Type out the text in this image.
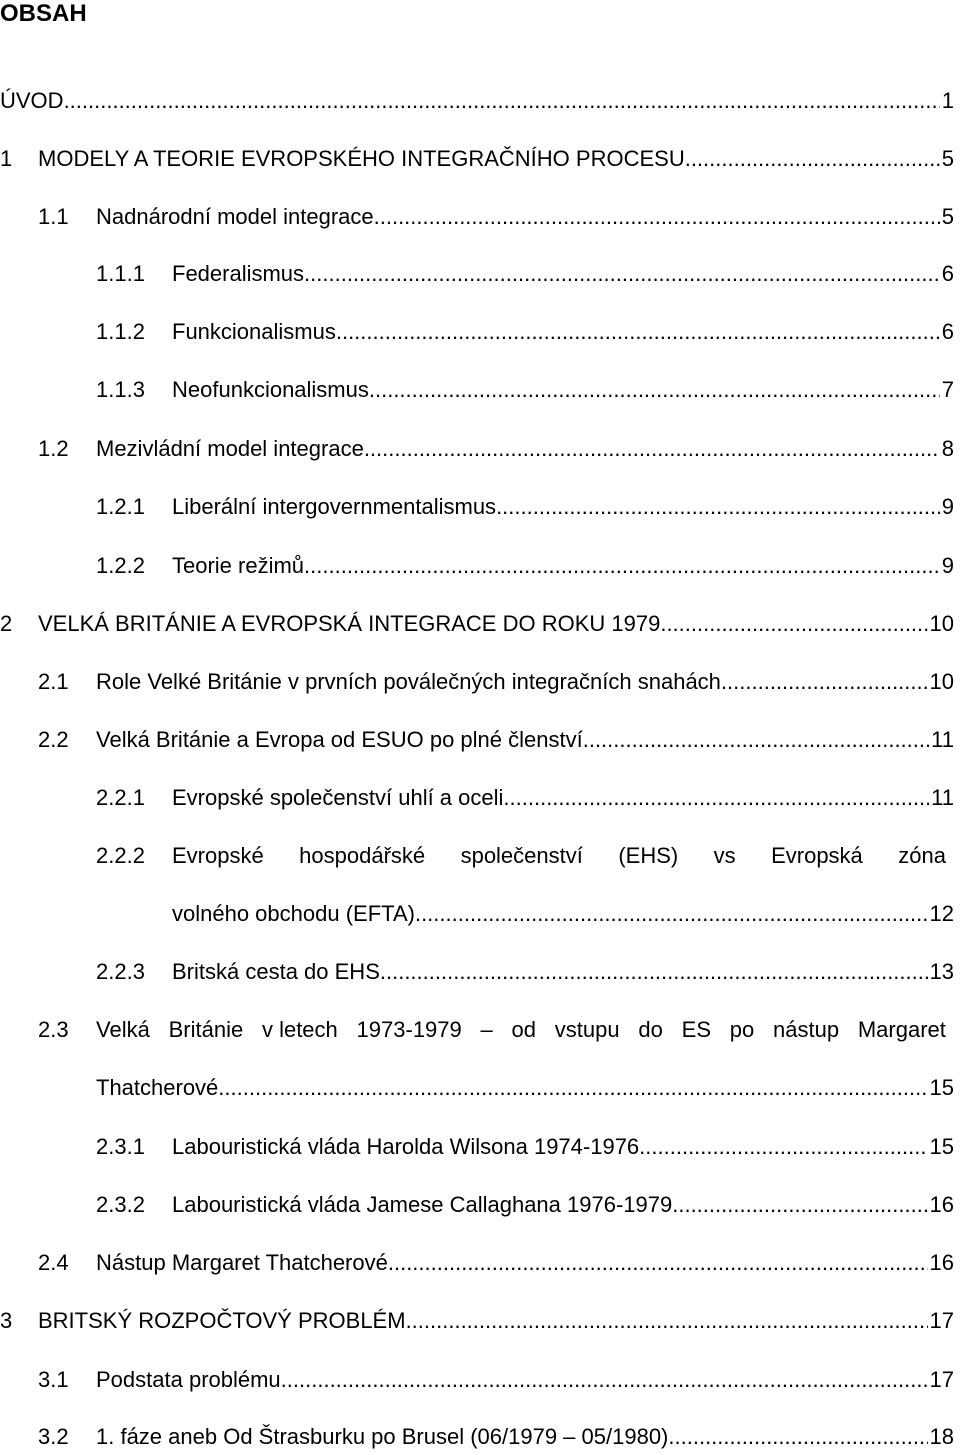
OBSAH
ÚVOD .....	1
1 MODELY A TEORIE EVROPSKÉHO INTEGRAČNÍHO PROCESU .....	5
1.1 Nadnárodní model integrace .....	5
1.1.1 Federalismus .....	6
1.1.2 Funkcionalismus .....	6
1.1.3 Neofunkcionalismus .....	7
1.2 Mezivládní model integrace .....	8
1.2.1 Liberální intergovernmentalismus .....	9
1.2.2 Teorie režimů .....	9
2 VELKÁ BRITÁNIE A EVROPSKÁ INTEGRACE DO ROKU 1979 .....	10
2.1 Role Velké Británie v prvních poválečných integračních snahách .....	10
2.2 Velká Británie a Evropa od ESUO po plné členství .....	11
2.2.1 Evropské společenství uhlí a oceli .....	11
2.2.2 Evropské hospodářské společenství (EHS) vs Evropská zóna
volného obchodu (EFTA) .....	12
2.2.3 Britská cesta do EHS .....	13
2.3 Velká Británie v letech 1973-1979 – od vstupu do ES po nástup Margaret
Thatcherové .....	15
2.3.1 Labouristická vláda Harolda Wilsona 1974-1976 .....	15
2.3.2 Labouristická vláda Jamese Callaghana 1976-1979 .....	16
2.4 Nástup Margaret Thatcherové .....	16
3 BRITSKÝ ROZPOČTOVÝ PROBLÉM .....	17
3.1 Podstata problému .....	17
3.2 1. fáze aneb Od Štrasburku po Brusel (06/1979 – 05/1980) .....	18
